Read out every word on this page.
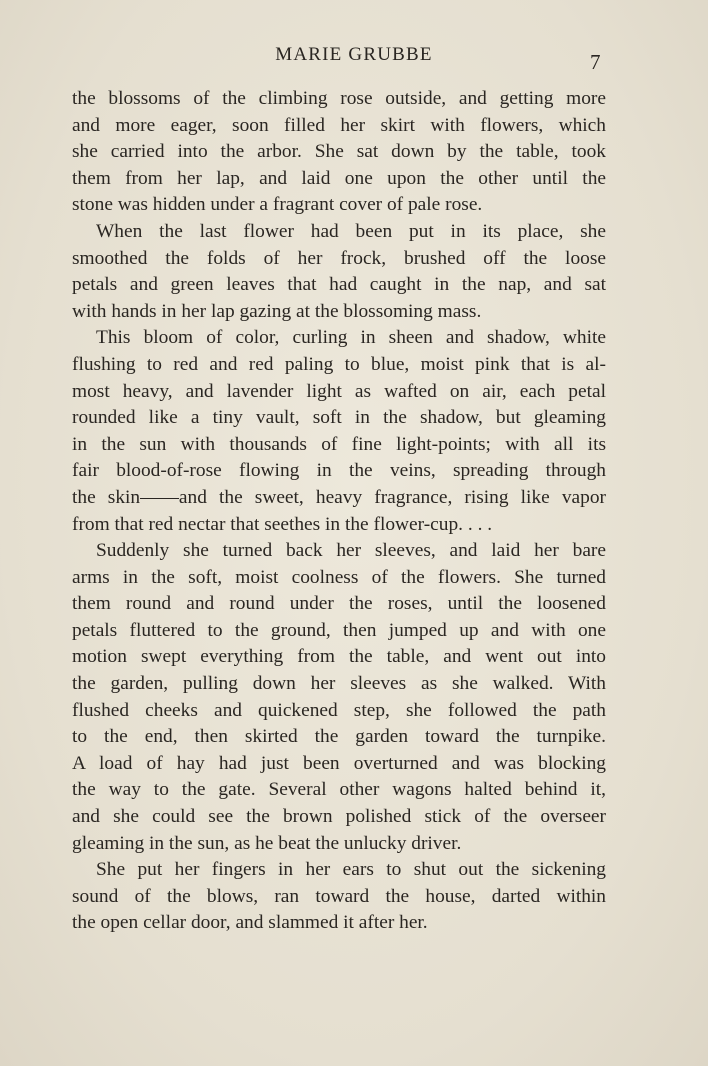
MARIE GRUBBE	7
the blossoms of the climbing rose outside, and getting more
and more eager, soon filled her skirt with flowers, which
she carried into the arbor. She sat down by the table, took
them from her lap, and laid one upon the other until the
stone was hidden under a fragrant cover of pale rose.
When the last flower had been put in its place, she
smoothed the folds of her frock, brushed off the loose
petals and green leaves that had caught in the nap, and sat
with hands in her lap gazing at the blossoming mass.
This bloom of color, curling in sheen and shadow, white
flushing to red and red paling to blue, moist pink that is al-
most heavy, and lavender light as wafted on air, each petal
rounded like a tiny vault, soft in the shadow, but gleaming
in the sun with thousands of fine light-points; with all its
fair blood-of-rose flowing in the veins, spreading through
the skin——and the sweet, heavy fragrance, rising like vapor
from that red nectar that seethes in the flower-cup. . . .
Suddenly she turned back her sleeves, and laid her bare
arms in the soft, moist coolness of the flowers. She turned
them round and round under the roses, until the loosened
petals fluttered to the ground, then jumped up and with one
motion swept everything from the table, and went out into
the garden, pulling down her sleeves as she walked. With
flushed cheeks and quickened step, she followed the path
to the end, then skirted the garden toward the turnpike.
A load of hay had just been overturned and was blocking
the way to the gate. Several other wagons halted behind it,
and she could see the brown polished stick of the overseer
gleaming in the sun, as he beat the unlucky driver.
She put her fingers in her ears to shut out the sickening
sound of the blows, ran toward the house, darted within
the open cellar door, and slammed it after her.
